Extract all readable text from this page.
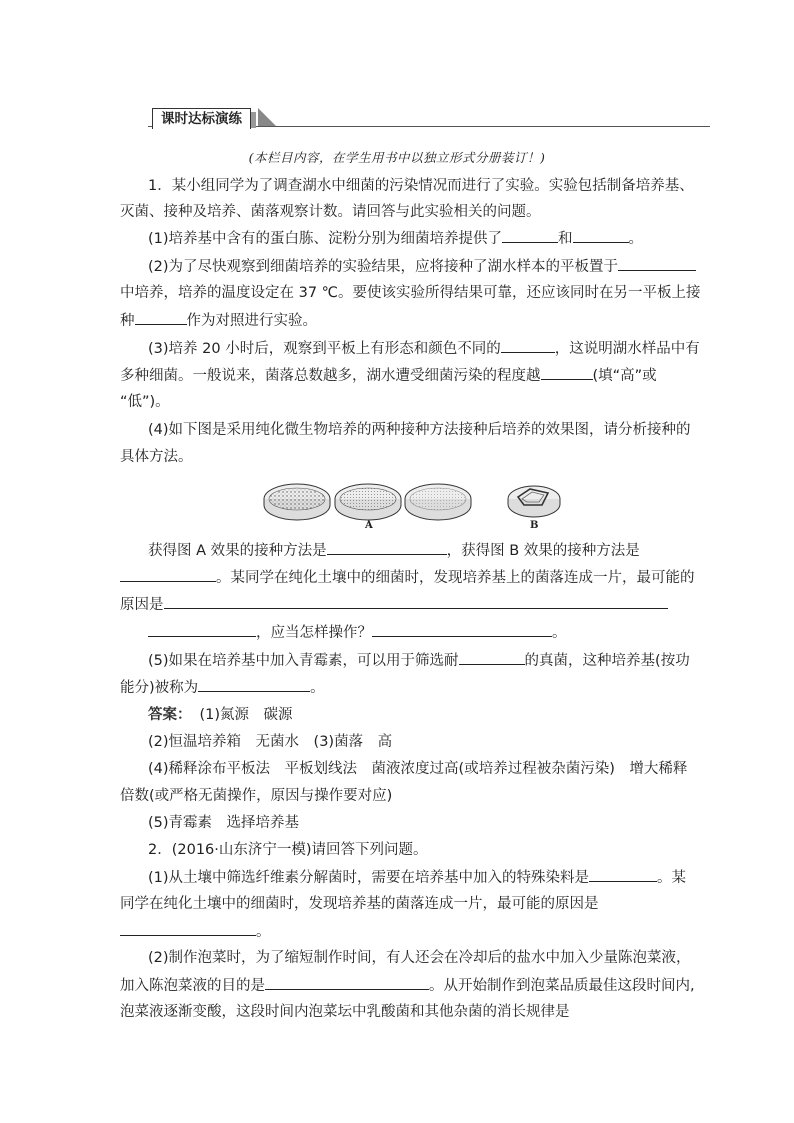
课时达标演练
(本栏目内容，在学生用书中以独立形式分册装订！)
1．某小组同学为了调查湖水中细菌的污染情况而进行了实验。实验包括制备培养基、
灭菌、接种及培养、菌落观察计数。请回答与此实验相关的问题。
(1)培养基中含有的蛋白胨、淀粉分别为细菌培养提供了	和	。
(2)为了尽快观察到细菌培养的实验结果，应将接种了湖水样本的平板置于
中培养，培养的温度设定在 37 ℃。要使该实验所得结果可靠，还应该同时在另一平板上接
种	作为对照进行实验。
(3)培养 20 小时后，观察到平板上有形态和颜色不同的	，这说明湖水样品中有
多种细菌。一般说来，菌落总数越多，湖水遭受细菌污染的程度越	(填“高”或
“低”)。
(4)如下图是采用纯化微生物培养的两种接种方法接种后培养的效果图，请分析接种的
具体方法。
A	B
获得图 A 效果的接种方法是	，获得图 B 效果的接种方法是
。某同学在纯化土壤中的细菌时，发现培养基上的菌落连成一片，最可能的
原因是
，应当怎样操作？	。
(5)如果在培养基中加入青霉素，可以用于筛选耐	的真菌，这种培养基(按功
能分)被称为	。
答案： (1)氮源　碳源
(2)恒温培养箱　无菌水　(3)菌落　高
(4)稀释涂布平板法　平板划线法　菌液浓度过高(或培养过程被杂菌污染)　增大稀释
倍数(或严格无菌操作，原因与操作要对应)
(5)青霉素　选择培养基
2．(2016·山东济宁一模)请回答下列问题。
(1)从土壤中筛选纤维素分解菌时，需要在培养基中加入的特殊染料是	。某
同学在纯化土壤中的细菌时，发现培养基的菌落连成一片，最可能的原因是
。
(2)制作泡菜时，为了缩短制作时间，有人还会在冷却后的盐水中加入少量陈泡菜液，
加入陈泡菜液的目的是	。从开始制作到泡菜品质最佳这段时间内,
泡菜液逐渐变酸，这段时间内泡菜坛中乳酸菌和其他杂菌的消长规律是
